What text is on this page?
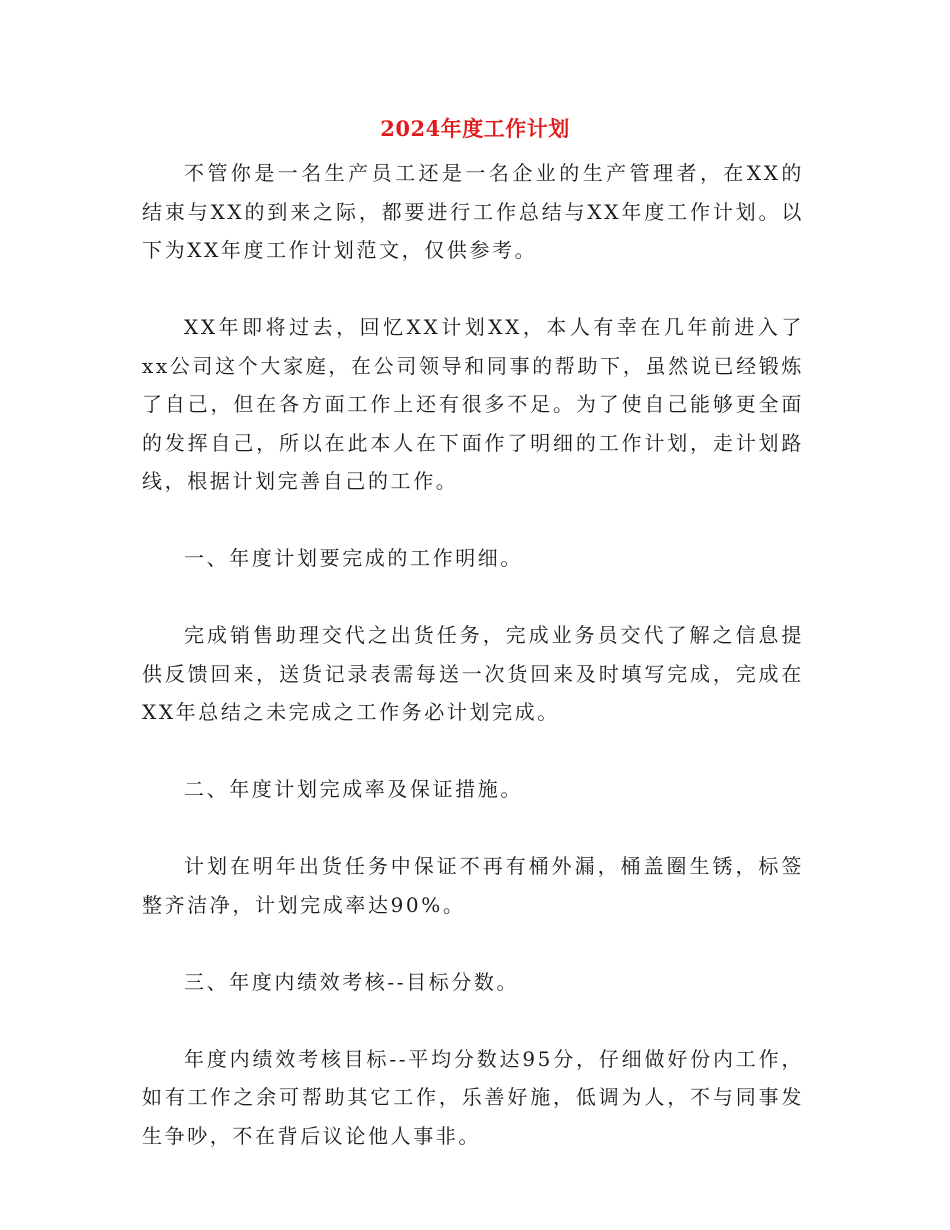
2024年度工作计划

不管你是一名生产员工还是一名企业的生产管理者，在XX的结束与XX的到来之际，都要进行工作总结与XX年度工作计划。以下为XX年度工作计划范文，仅供参考。

XX年即将过去，回忆XX计划XX，本人有幸在几年前进入了xx公司这个大家庭，在公司领导和同事的帮助下，虽然说已经锻炼了自己，但在各方面工作上还有很多不足。为了使自己能够更全面的发挥自己，所以在此本人在下面作了明细的工作计划，走计划路线，根据计划完善自己的工作。

一、年度计划要完成的工作明细。

完成销售助理交代之出货任务，完成业务员交代了解之信息提供反馈回来，送货记录表需每送一次货回来及时填写完成，完成在XX年总结之未完成之工作务必计划完成。

二、年度计划完成率及保证措施。

计划在明年出货任务中保证不再有桶外漏，桶盖圈生锈，标签整齐洁净，计划完成率达90%。

三、年度内绩效考核--目标分数。

年度内绩效考核目标--平均分数达95分，仔细做好份内工作，如有工作之余可帮助其它工作，乐善好施，低调为人，不与同事发生争吵，不在背后议论他人事非。
